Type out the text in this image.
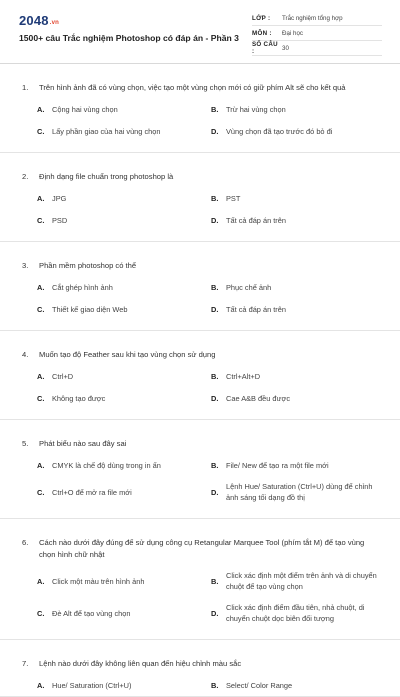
2048.vn
1500+ câu Trắc nghiệm Photoshop có đáp án - Phần 3
LỚP :	Trắc nghiệm tổng hợp
MÔN :	Đại học
SỐ CÂU :	30
1.	Trên hình ảnh đã có vùng chọn, việc tạo một vùng chọn mới có giữ phím Alt sẽ cho kết quả
A.	Cộng hai vùng chọn	B.	Trừ hai vùng chọn
C.	Lấy phần giao của hai vùng chọn	D.	Vùng chọn đã tạo trước đó bỏ đi
2.	Định dạng file chuẩn trong photoshop là
A.	JPG	B.	PST
C.	PSD	D.	Tất cả đáp án trên
3.	Phần mềm photoshop có thể
A.	Cắt ghép hình ảnh	B.	Phục chế ảnh
C.	Thiết kế giao diện Web	D.	Tất cả đáp án trên
4.	Muốn tạo độ Feather sau khi tạo vùng chọn sử dụng
A.	Ctrl+D	B.	Ctrl+Alt+D
C.	Không tạo được	D.	Cae A&B đều được
5.	Phát biểu nào sau đây sai
A.	CMYK là chế độ dùng trong in ấn	B.	File/ New để tạo ra một file mới
C.	Ctrl+O để mở ra file mới	D.
Lệnh Hue/ Saturation (Ctrl+U) dùng để chỉnh ảnh sáng tối dạng đồ thị
6.	Cách nào dưới đây đúng để sử dụng công cụ Retangular Marquee Tool (phím tắt M) để tạo vùng chọn hình chữ nhật
A.	Click một màu trên hình ảnh	B.
Click xác định một điểm trên ảnh và di chuyển chuột để tạo vùng chọn
C.	Đè Alt để tạo vùng chọn	D.
Click xác định điểm đầu tiên, nhả chuột, di chuyển chuột dọc biên đối tượng
7.	Lệnh nào dưới đây không liên quan đến hiệu chỉnh màu sắc
A.	Hue/ Saturation (Ctrl+U)	B.	Select/ Color Range
